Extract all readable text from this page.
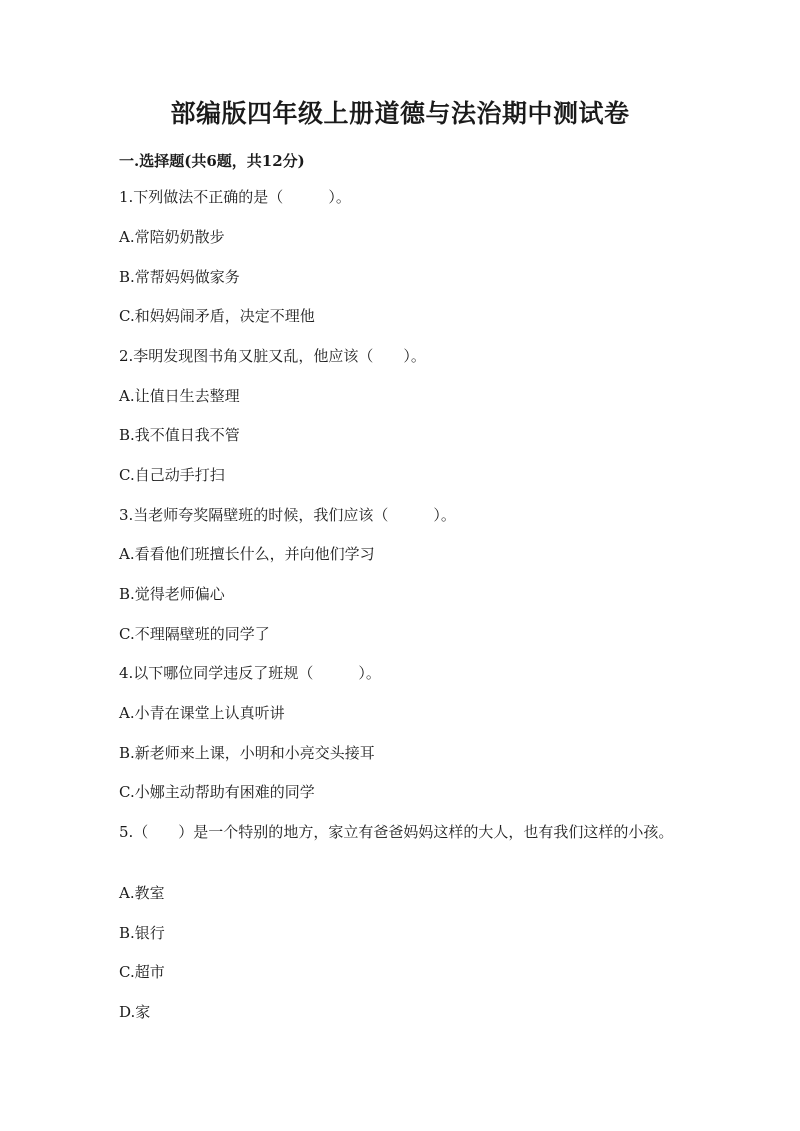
部编版四年级上册道德与法治期中测试卷
一.选择题(共6题，共12分)
1.下列做法不正确的是（　　　）。
A.常陪奶奶散步
B.常帮妈妈做家务
C.和妈妈闹矛盾，决定不理他
2.李明发现图书角又脏又乱，他应该（　　）。
A.让值日生去整理
B.我不值日我不管
C.自己动手打扫
3.当老师夸奖隔壁班的时候，我们应该（　　　）。
A.看看他们班擅长什么，并向他们学习
B.觉得老师偏心
C.不理隔壁班的同学了
4.以下哪位同学违反了班规（　　　）。
A.小青在课堂上认真听讲
B.新老师来上课，小明和小亮交头接耳
C.小娜主动帮助有困难的同学
5.（　　）是一个特别的地方，家立有爸爸妈妈这样的大人，也有我们这样的小孩。
A.教室
B.银行
C.超市
D.家
